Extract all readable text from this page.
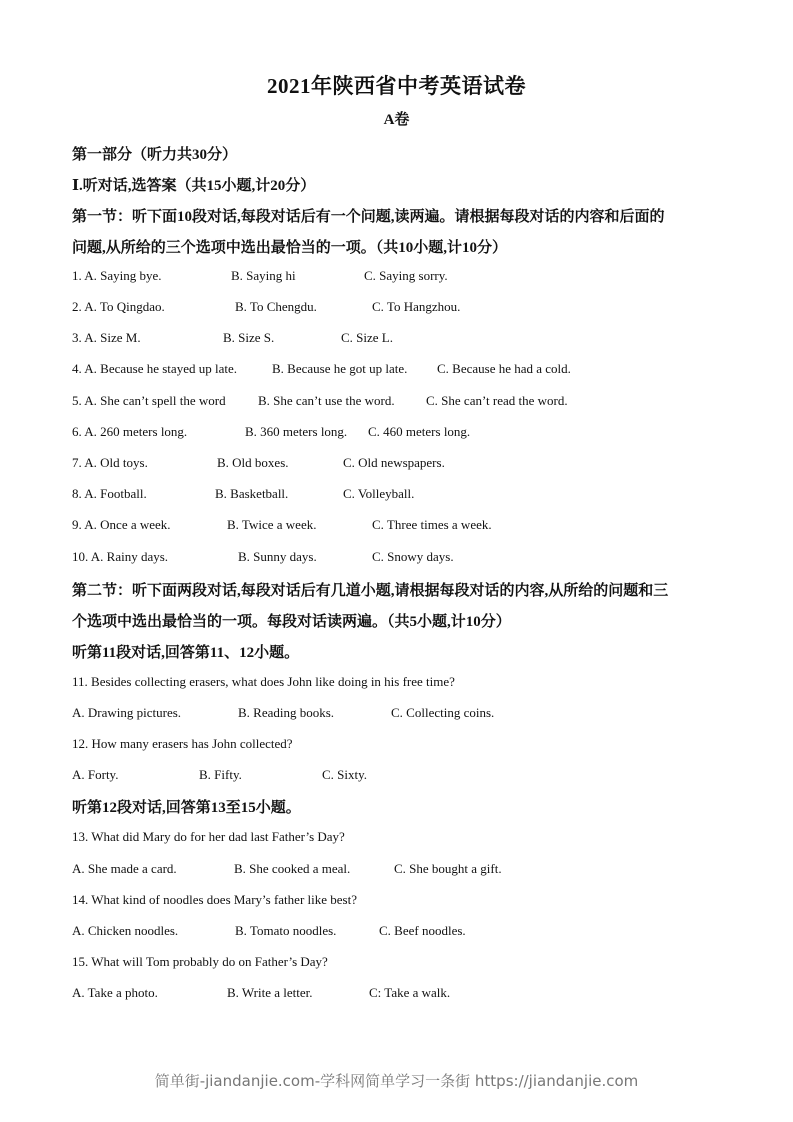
2021年陕西省中考英语试卷
A卷
第一部分（听力共30分）
Ⅰ.听对话,选答案（共15小题,计20分）
第一节：听下面10段对话,每段对话后有一个问题,读两遍。请根据每段对话的内容和后面的
问题,从所给的三个选项中选出最恰当的一项。（共10小题,计10分）
1. A. Saying bye.	B. Saying hi	C. Saying sorry.
2. A. To Qingdao.	B. To Chengdu.	C. To Hangzhou.
3. A. Size M.	B. Size S.	C. Size L.
4. A. Because he stayed up late.	B. Because he got up late. C. Because he had a cold.
5. A. She can’t spell the word B. She can’t use the word. C. She can’t read the word.
6. A. 260 meters long.	B. 360 meters long. C. 460 meters long.
7. A. Old toys.	B. Old boxes.	C. Old newspapers.
8. A. Football.	B. Basketball.	C. Volleyball.
9. A. Once a week.	B. Twice a week.	C. Three times a week.
10. A. Rainy days.	B. Sunny days.	C. Snowy days.
第二节：听下面两段对话,每段对话后有几道小题,请根据每段对话的内容,从所给的问题和三
个选项中选出最恰当的一项。每段对话读两遍。（共5小题,计10分）
听第11段对话,回答第11、12小题。
11. Besides collecting erasers, what does John like doing in his free time?
A. Drawing pictures.	B. Reading books.	C. Collecting coins.
12. How many erasers has John collected?
A. Forty.	B. Fifty.	C. Sixty.
听第12段对话,回答第13至15小题。
13. What did Mary do for her dad last Father’s Day?
A. She made a card.	B. She cooked a meal.	C. She bought a gift.
14. What kind of noodles does Mary’s father like best?
A. Chicken noodles.	B. Tomato noodles.	C. Beef noodles.
15. What will Tom probably do on Father’s Day?
A. Take a photo.	B. Write a letter.	C: Take a walk.
简单街-jiandanjie.com-学科网简单学习一条街 https://jiandanjie.com
